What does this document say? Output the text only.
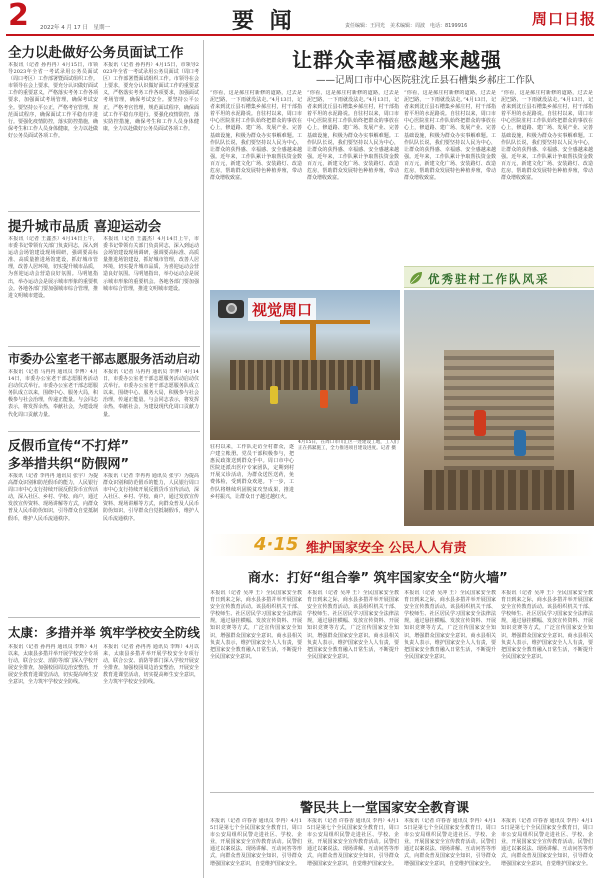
2 2022年 4 月 17 日　星期一	要 闻	责任编辑：王同光　美术编辑：周波　电话：8199916	周口日报
全力以赴做好公务员面试工作
本报讯（记者 孙冉冉）4月15日，市领导2023年全省一考试录用公务员面试（周口考区）工作部署暨面试组织工作。市领导在会上要求，要充分认识做好面试工作的重要意义，严格落实考务工作各项要求，加强面试考场管理，确保考试安全。要坚持公平公正，严格考官管理，规范面试程序，确保面试工作平稳有序进行。要强化疫情防控，落实防控措施，确保考生和工作人员身体健康，全力以赴做好公务员面试各项工作。
本报讯（记者 孙冉冉）4月15日，市领导2023年全省一考试录用公务员面试（周口考区）工作部署暨面试组织工作。市领导在会上要求，要充分认识做好面试工作的重要意义，严格落实考务工作各项要求，加强面试考场管理，确保考试安全。要坚持公平公正，严格考官管理，规范面试程序，确保面试工作平稳有序进行。要强化疫情防控，落实防控措施，确保考生和工作人员身体健康，全力以赴做好公务员面试各项工作。
提升城市品质 喜迎运动会
本报讯（记者 王鑫杰）4月14日上午，市委书记带领有关部门负责同志，深入到运动会场馆建设现场调研，强调要高标准、高质量推进场馆建设，抓好城市管理，改善人居环境，切实提升城市品质，为喜迎运动会营造良好氛围。马明旭指出，举办运动会是展示城市形象的重要机会。各地各部门要加强城市综合管理，推进文明城市建设。
本报讯（记者 王鑫杰）4月14日上午，市委书记带领有关部门负责同志，深入到运动会场馆建设现场调研，强调要高标准、高质量推进场馆建设，抓好城市管理，改善人居环境，切实提升城市品质，为喜迎运动会营造良好氛围。马明旭指出，举办运动会是展示城市形象的重要机会。各地各部门要加强城市综合管理，推进文明城市建设。
市委办公室老干部志愿服务活动启动
本报讯（记者 马冉冉 通讯员 李博）4月14日，市委办公室老干部志愿服务活动启动仪式举行。市委办公室老干部志愿服务队成立以来，围绕中心、服务大局，积极参与社会治理，传递正能量。与会同志表示，将发挥余热，奉献社会，为建设现代化周口贡献力量。
本报讯（记者 马冉冉 通讯员 李博）4月14日，市委办公室老干部志愿服务活动启动仪式举行。市委办公室老干部志愿服务队成立以来，围绕中心、服务大局，积极参与社会治理，传递正能量。与会同志表示，将发挥余热，奉献社会，为建设现代化周口贡献力量。
反假币宣传“不打烊”
多举措共织“防假网”
本报讯（记者 李冉冉 通讯员 张宇）为提高群众识别和防范假币的能力，人民银行周口市中心支行持续开展反假货币宣传活动，深入社区、乡村、学校、商户，通过发放宣传资料、现场讲解等方式，向群众普及人民币防伪知识，引导群众自觉抵制假币，维护人民币流通秩序。
本报讯（记者 李冉冉 通讯员 张宇）为提高群众识别和防范假币的能力，人民银行周口市中心支行持续开展反假货币宣传活动，深入社区、乡村、学校、商户，通过发放宣传资料、现场讲解等方式，向群众普及人民币防伪知识，引导群众自觉抵制假币，维护人民币流通秩序。
太康：多措并举 筑牢学校安全防线
本报讯（记者 孙冉冉 通讯员 李辉）4月以来，太康县多措并举开展学校安全专项行动，联合公安、消防等部门深入学校开展安全排查，加强校园周边治安整治，开展安全教育进课堂活动，切实提高师生安全意识，全力筑牢学校安全防线。
本报讯（记者 孙冉冉 通讯员 李辉）4月以来，太康县多措并举开展学校安全专项行动，联合公安、消防等部门深入学校开展安全排查，加强校园周边治安整治，开展安全教育进课堂活动，切实提高师生安全意识，全力筑牢学校安全防线。
让群众幸福感越来越强
——记周口市中心医院驻沈丘县石槽集乡郝庄工作队
“你看，这是郝庄村新修的道路，过去是泥巴路，一下雨就没法走。”4月13日，记者来到沈丘县石槽集乡郝庄村，村干部指着平坦的水泥路说。自驻村以来，周口市中心医院驻村工作队始终把群众的事放在心上，修道路、建广场、发展产业、完善基础设施，积极为群众办实事解难题。工作队队长说，我们要坚持以人民为中心，让群众的获得感、幸福感、安全感越来越强。近年来，工作队累计争取帮扶资金数百万元，新建文化广场、安装路灯、改造危房，帮助群众发展特色种植养殖，带动群众增收致富。
“你看，这是郝庄村新修的道路，过去是泥巴路，一下雨就没法走。”4月13日，记者来到沈丘县石槽集乡郝庄村，村干部指着平坦的水泥路说。自驻村以来，周口市中心医院驻村工作队始终把群众的事放在心上，修道路、建广场、发展产业、完善基础设施，积极为群众办实事解难题。工作队队长说，我们要坚持以人民为中心，让群众的获得感、幸福感、安全感越来越强。近年来，工作队累计争取帮扶资金数百万元，新建文化广场、安装路灯、改造危房，帮助群众发展特色种植养殖，带动群众增收致富。
“你看，这是郝庄村新修的道路，过去是泥巴路，一下雨就没法走。”4月13日，记者来到沈丘县石槽集乡郝庄村，村干部指着平坦的水泥路说。自驻村以来，周口市中心医院驻村工作队始终把群众的事放在心上，修道路、建广场、发展产业、完善基础设施，积极为群众办实事解难题。工作队队长说，我们要坚持以人民为中心，让群众的获得感、幸福感、安全感越来越强。近年来，工作队累计争取帮扶资金数百万元，新建文化广场、安装路灯、改造危房，帮助群众发展特色种植养殖，带动群众增收致富。
“你看，这是郝庄村新修的道路，过去是泥巴路，一下雨就没法走。”4月13日，记者来到沈丘县石槽集乡郝庄村，村干部指着平坦的水泥路说。自驻村以来，周口市中心医院驻村工作队始终把群众的事放在心上，修道路、建广场、发展产业、完善基础设施，积极为群众办实事解难题。工作队队长说，我们要坚持以人民为中心，让群众的获得感、幸福感、安全感越来越强。近年来，工作队累计争取帮扶资金数百万元，新建文化广场、安装路灯、改造危房，帮助群众发展特色种植养殖，带动群众增收致富。
优秀驻村工作队风采
视觉周口
4月15日，在周口市川汇区一处建设工地，工人们正在抓紧施工，全力推进项目建设进度。记者 摄
驻村以来，工作队走访全村群众，逐户建立帐册。党员干部积极参与，把惠民政策送到群众手中。周口市中心医院还派出医疗专家团队，定期到村开展义诊活动，为群众送医送药，免费体检，受到群众欢迎。下一步，工作队将继续巩固脱贫攻坚成果，推进乡村振兴，让群众日子越过越红火。
4·15 维护国家安全 公民人人有责
商水：打好“组合拳” 筑牢国家安全“防火墙”
本报讯（记者 吴冲 王）全民国家安全教育日到来之际，商水县多措并举开展国家安全宣传教育活动。该县组织机关干部、学校师生、社区居民学习国家安全法律法规，通过悬挂横幅、发放宣传资料、开展知识竞赛等方式，广泛宣传国家安全知识，增强群众国家安全意识。商水县相关负责人表示，维护国家安全人人有责，要把国家安全教育融入日常生活，不断提升全民国家安全意识。
本报讯（记者 吴冲 王）全民国家安全教育日到来之际，商水县多措并举开展国家安全宣传教育活动。该县组织机关干部、学校师生、社区居民学习国家安全法律法规，通过悬挂横幅、发放宣传资料、开展知识竞赛等方式，广泛宣传国家安全知识，增强群众国家安全意识。商水县相关负责人表示，维护国家安全人人有责，要把国家安全教育融入日常生活，不断提升全民国家安全意识。
本报讯（记者 吴冲 王）全民国家安全教育日到来之际，商水县多措并举开展国家安全宣传教育活动。该县组织机关干部、学校师生、社区居民学习国家安全法律法规，通过悬挂横幅、发放宣传资料、开展知识竞赛等方式，广泛宣传国家安全知识，增强群众国家安全意识。商水县相关负责人表示，维护国家安全人人有责，要把国家安全教育融入日常生活，不断提升全民国家安全意识。
本报讯（记者 吴冲 王）全民国家安全教育日到来之际，商水县多措并举开展国家安全宣传教育活动。该县组织机关干部、学校师生、社区居民学习国家安全法律法规，通过悬挂横幅、发放宣传资料、开展知识竞赛等方式，广泛宣传国家安全知识，增强群众国家安全意识。商水县相关负责人表示，维护国家安全人人有责，要把国家安全教育融入日常生活，不断提升全民国家安全意识。
警民共上一堂国家安全教育课
本报讯（记者 许春香 通讯员 李冉）4月15日是第七个全民国家安全教育日，周口市公安局组织民警走进社区、学校、企业，开展国家安全宣传教育活动。民警们通过以案说法、现场讲解、互动问答等形式，向群众普及国家安全知识，引导群众增强国家安全意识，自觉维护国家安全。
本报讯（记者 许春香 通讯员 李冉）4月15日是第七个全民国家安全教育日，周口市公安局组织民警走进社区、学校、企业，开展国家安全宣传教育活动。民警们通过以案说法、现场讲解、互动问答等形式，向群众普及国家安全知识，引导群众增强国家安全意识，自觉维护国家安全。
本报讯（记者 许春香 通讯员 李冉）4月15日是第七个全民国家安全教育日，周口市公安局组织民警走进社区、学校、企业，开展国家安全宣传教育活动。民警们通过以案说法、现场讲解、互动问答等形式，向群众普及国家安全知识，引导群众增强国家安全意识，自觉维护国家安全。
本报讯（记者 许春香 通讯员 李冉）4月15日是第七个全民国家安全教育日，周口市公安局组织民警走进社区、学校、企业，开展国家安全宣传教育活动。民警们通过以案说法、现场讲解、互动问答等形式，向群众普及国家安全知识，引导群众增强国家安全意识，自觉维护国家安全。
